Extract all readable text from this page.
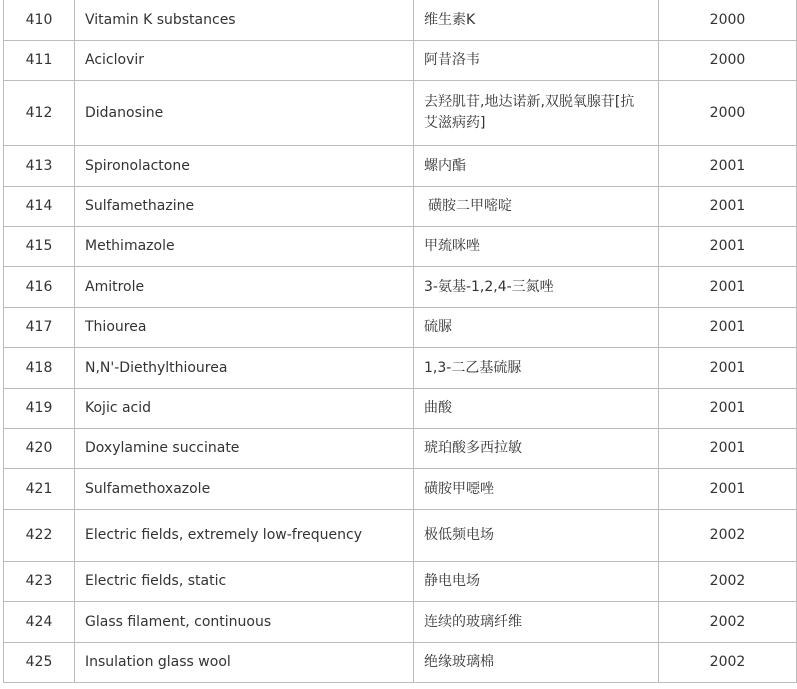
410	Vitamin K substances	维生素K	2000
411	Aciclovir	阿昔洛韦	2000
412	Didanosine	去羟肌苷,地达诺新,双脱氧腺苷[抗艾滋病药]	2000
413	Spironolactone	螺内酯	2001
414	Sulfamethazine	磺胺二甲嘧啶	2001
415	Methimazole	甲巯咪唑	2001
416	Amitrole	3-氨基-1,2,4-三氮唑	2001
417	Thiourea	硫脲	2001
418	N,N'-Diethylthiourea	1,3-二乙基硫脲	2001
419	Kojic acid	曲酸	2001
420	Doxylamine succinate	琥珀酸多西拉敏	2001
421	Sulfamethoxazole	磺胺甲噁唑	2001
422	Electric fields, extremely low-frequency	极低频电场	2002
423	Electric fields, static	静电电场	2002
424	Glass filament, continuous	连续的玻璃纤维	2002
425	Insulation glass wool	绝缘玻璃棉	2002
